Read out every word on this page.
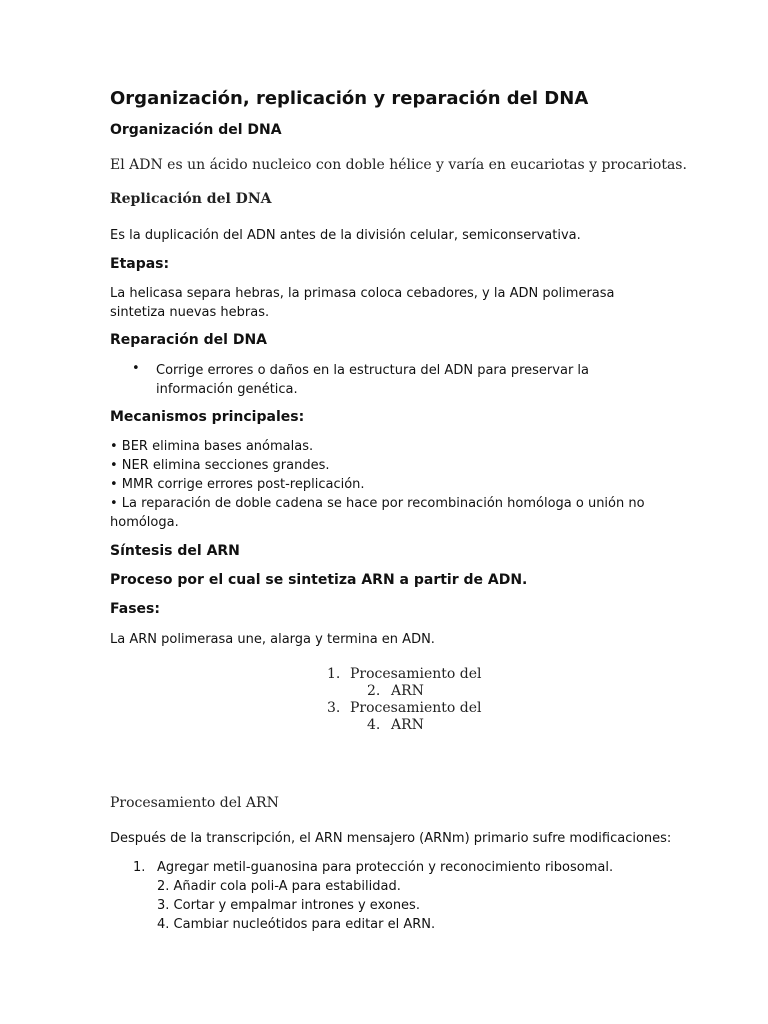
Organización, replicación y reparación del DNA
Organización del DNA
El ADN es un ácido nucleico con doble hélice y varía en eucariotas y procariotas.
Replicación del DNA
Es la duplicación del ADN antes de la división celular, semiconservativa.
Etapas:
La helicasa separa hebras, la primasa coloca cebadores, y la ADN polimerasa sintetiza nuevas hebras.
Reparación del DNA
• Corrige errores o daños en la estructura del ADN para preservar la información genética.
Mecanismos principales:
• BER elimina bases anómalas.
• NER elimina secciones grandes.
• MMR corrige errores post-replicación.
• La reparación de doble cadena se hace por recombinación homóloga o unión no homóloga.
Síntesis del ARN
Proceso por el cual se sintetiza ARN a partir de ADN.
Fases:
La ARN polimerasa une, alarga y termina en ADN.
1. Procesamiento del
2. ARN
3. Procesamiento del
4. ARN
Procesamiento del ARN
Después de la transcripción, el ARN mensajero (ARNm) primario sufre modificaciones:
1. Agregar metil-guanosina para protección y reconocimiento ribosomal.
2. Añadir cola poli-A para estabilidad.
3. Cortar y empalmar intrones y exones.
4. Cambiar nucleótidos para editar el ARN.
